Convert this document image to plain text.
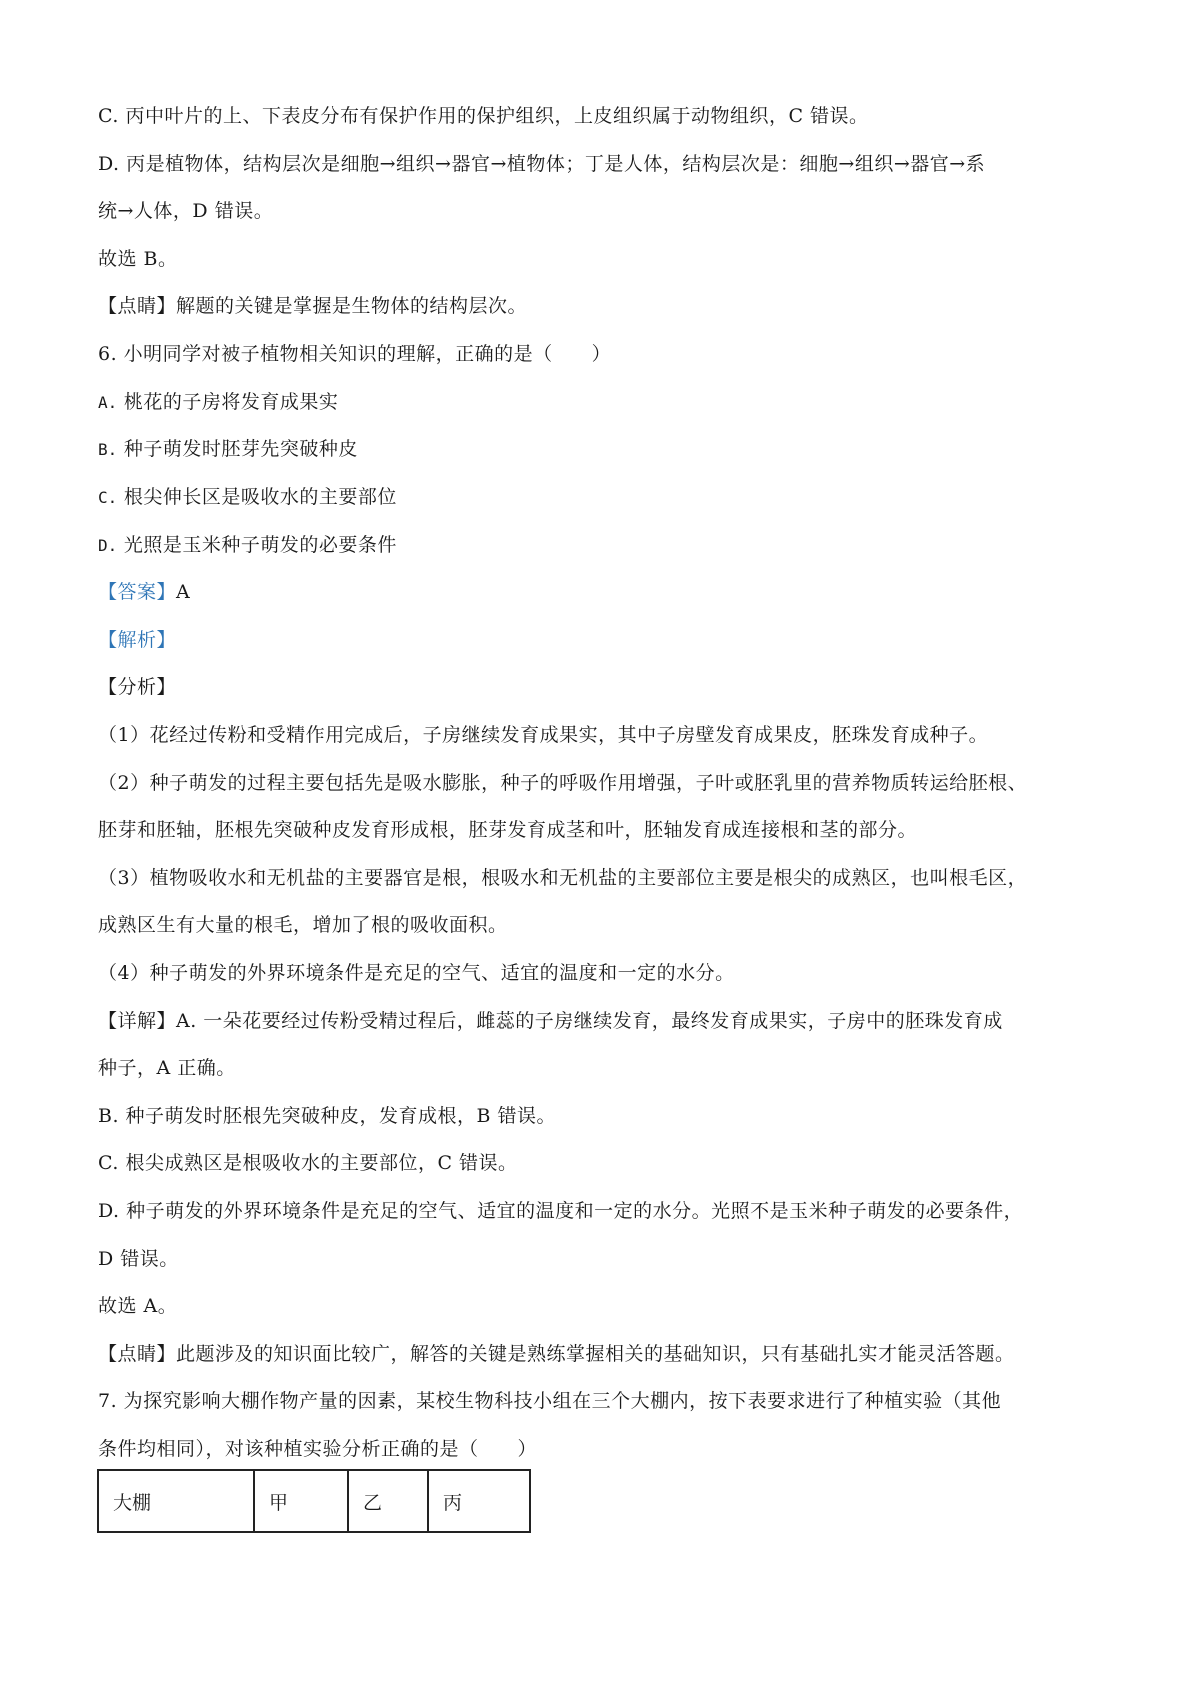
C. 丙中叶片的上、下表皮分布有保护作用的保护组织，上皮组织属于动物组织，C 错误。
D. 丙是植物体，结构层次是细胞→组织→器官→植物体；丁是人体，结构层次是：细胞→组织→器官→系
统→人体，D 错误。
故选 B。
【点睛】解题的关键是掌握是生物体的结构层次。
6. 小明同学对被子植物相关知识的理解，正确的是（　　）
A. 桃花的子房将发育成果实
B. 种子萌发时胚芽先突破种皮
C. 根尖伸长区是吸收水的主要部位
D. 光照是玉米种子萌发的必要条件
【答案】A
【解析】
【分析】
（1）花经过传粉和受精作用完成后，子房继续发育成果实，其中子房壁发育成果皮，胚珠发育成种子。
（2）种子萌发的过程主要包括先是吸水膨胀，种子的呼吸作用增强，子叶或胚乳里的营养物质转运给胚根、
胚芽和胚轴，胚根先突破种皮发育形成根，胚芽发育成茎和叶，胚轴发育成连接根和茎的部分。
（3）植物吸收水和无机盐的主要器官是根，根吸水和无机盐的主要部位主要是根尖的成熟区，也叫根毛区，
成熟区生有大量的根毛，增加了根的吸收面积。
（4）种子萌发的外界环境条件是充足的空气、适宜的温度和一定的水分。
【详解】A. 一朵花要经过传粉受精过程后，雌蕊的子房继续发育，最终发育成果实，子房中的胚珠发育成
种子，A 正确。
B. 种子萌发时胚根先突破种皮，发育成根，B 错误。
C. 根尖成熟区是根吸收水的主要部位，C 错误。
D. 种子萌发的外界环境条件是充足的空气、适宜的温度和一定的水分。光照不是玉米种子萌发的必要条件，
D 错误。
故选 A。
【点睛】此题涉及的知识面比较广，解答的关键是熟练掌握相关的基础知识，只有基础扎实才能灵活答题。
7. 为探究影响大棚作物产量的因素，某校生物科技小组在三个大棚内，按下表要求进行了种植实验（其他
条件均相同），对该种植实验分析正确的是（　　）
大棚	甲	乙	丙
